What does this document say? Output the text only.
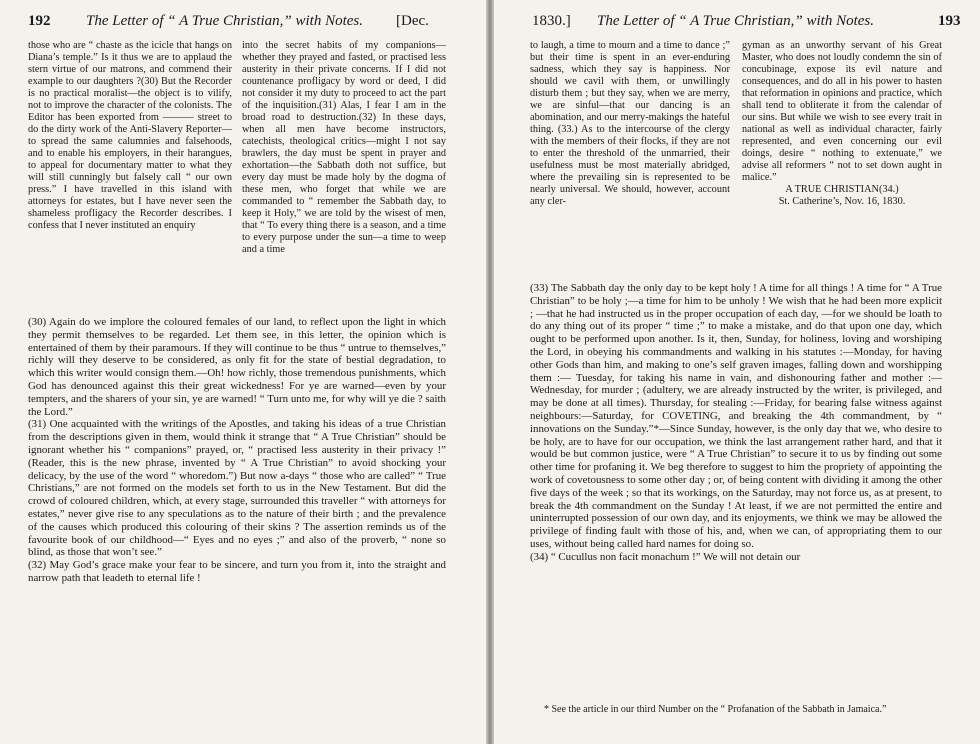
192 The Letter of “ A True Christian,” with Notes. [Dec.

those who are “ chaste as the icicle that hangs on Diana’s temple.” Is it thus we are to applaud the stern virtue of our matrons, and commend their example to our daughters ?(30) But the Recorder is no practical moralist—the object is to vilify, not to improve the character of the colonists. The Editor has been exported from ——— street to do the dirty work of the Anti-Slavery Reporter—to spread the same calumnies and falsehoods, and to enable his employers, in their harangues, to appeal for documentary matter to what they will still cunningly but falsely call “ our own press.” I have travelled in this island with attorneys for estates, but I have never seen the shameless profligacy the Recorder describes. I confess that I never instituted an enquiry

into the secret habits of my companions—whether they prayed and fasted, or practised less austerity in their private concerns. If I did not countenance profligacy by word or deed, I did not consider it my duty to proceed to act the part of the inquisition.(31) Alas, I fear I am in the broad road to destruction.(32) In these days, when all men have become instructors, catechists, theological critics—might I not say brawlers, the day must be spent in prayer and exhortation—the Sabbath doth not suffice, but every day must be made holy by the dogma of these men, who forget that while we are commanded to “ remember the Sabbath day, to keep it Holy,” we are told by the wisest of men, that “ To every thing there is a season, and a time to every purpose under the sun—a time to weep and a time

(30) Again do we implore the coloured females of our land, to reflect upon the light in which they permit themselves to be regarded. Let them see, in this letter, the opinion which is entertained of them by their paramours. If they will continue to be thus “ untrue to themselves,” richly will they deserve to be considered, as only fit for the state of bestial degradation, to which this writer would consign them.—Oh! how richly, those tremendous punishments, which God has denounced against this their great wickedness! For ye are warned—even by your tempters, and the sharers of your sin, ye are warned! “ Turn unto me, for why will ye die ? saith the Lord.”

(31) One acquainted with the writings of the Apostles, and taking his ideas of a true Christian from the descriptions given in them, would think it strange that “ A True Christian” should be ignorant whether his “ companions” prayed, or, “ practised less austerity in their privacy !” (Reader, this is the new phrase, invented by “ A True Christian” to avoid shocking your delicacy, by the use of the word “ whoredom.”) But now a-days “ those who are called” “ True Christians,” are not formed on the models set forth to us in the New Testament. But did the crowd of coloured children, which, at every stage, surrounded this traveller “ with attorneys for estates,” never give rise to any speculations as to the nature of their birth ; and the prevalence of the causes which produced this colouring of their skins ? The assertion reminds us of the favourite book of our childhood—“ Eyes and no eyes ;” and also of the proverb, “ none so blind, as those that won’t see.”

(32) May God’s grace make your fear to be sincere, and turn you from it, into the straight and narrow path that leadeth to eternal life !

1830.] The Letter of “ A True Christian,” with Notes.	193

to laugh, a time to mourn and a time to dance ;” but their time is spent in an ever-enduring sadness, which they say is happiness. Nor should we cavil with them, or unwillingly disturb them ; but they say, when we are merry, we are sinful—that our dancing is an abomination, and our merry-makings the hateful thing. (33.) As to the intercourse of the clergy with the members of their flocks, if they are not to enter the threshold of the unmarried, their usefulness must be most materially abridged, where the prevailing sin is represented to be nearly universal. We should, however, account any cler-

gyman as an unworthy servant of his Great Master, who does not loudly condemn the sin of concubinage, expose its evil nature and consequences, and do all in his power to hasten that reformation in opinions and practice, which shall tend to obliterate it from the calendar of our sins. But while we wish to see every trait in national as well as individual character, fairly represented, and even concerning our evil doings, desire “ nothing to extenuate,” we advise all reformers “ not to set down aught in malice.”

A TRUE CHRISTIAN(34.)

St. Catherine’s, Nov. 16, 1830.

(33) The Sabbath day the only day to be kept holy ! A time for all things ! A time for “ A True Christian” to be holy ;—a time for him to be unholy ! We wish that he had been more explicit ; —that he had instructed us in the proper occupation of each day, —for we should be loath to do any thing out of its proper “ time ;” to make a mistake, and do that upon one day, which ought to be performed upon another. Is it, then, Sunday, for holiness, loving and worshiping the Lord, in obeying his commandments and walking in his statutes :—Monday, for having other Gods than him, and making to one’s self graven images, falling down and worshipping them :— Tuesday, for taking his name in vain, and dishonouring father and mother :—Wednesday, for murder ; (adultery, we are already instructed by the writer, is privileged, and may be done at all times). Thursday, for stealing :—Friday, for bearing false witness against neighbours:—Saturday, for COVETING, and breaking the 4th commandment, by “ innovations on the Sunday.”*—Since Sunday, however, is the only day that we, who desire to be holy, are to have for our occupation, we think the last arrangement rather hard, and that it would be but common justice, were “ A True Christian” to secure it to us by finding out some other time for profaning it. We beg therefore to suggest to him the propriety of appointing the work of covetousness to some other day ; or, of being content with dividing it among the other five days of the week ; so that its workings, on the Saturday, may not force us, as at present, to break the 4th commandment on the Sunday ! At least, if we are not permitted the entire and uninterrupted possession of our own day, and its enjoyments, we think we may be allowed the privilege of finding fault with those of his, and, when we can, of appropriating them to our uses, without being called hard names for doing so.

(34) “ Cucullus non facit monachum !” We will not detain our

* See the article in our third Number on the “ Profanation of the Sabbath in Jamaica.”
